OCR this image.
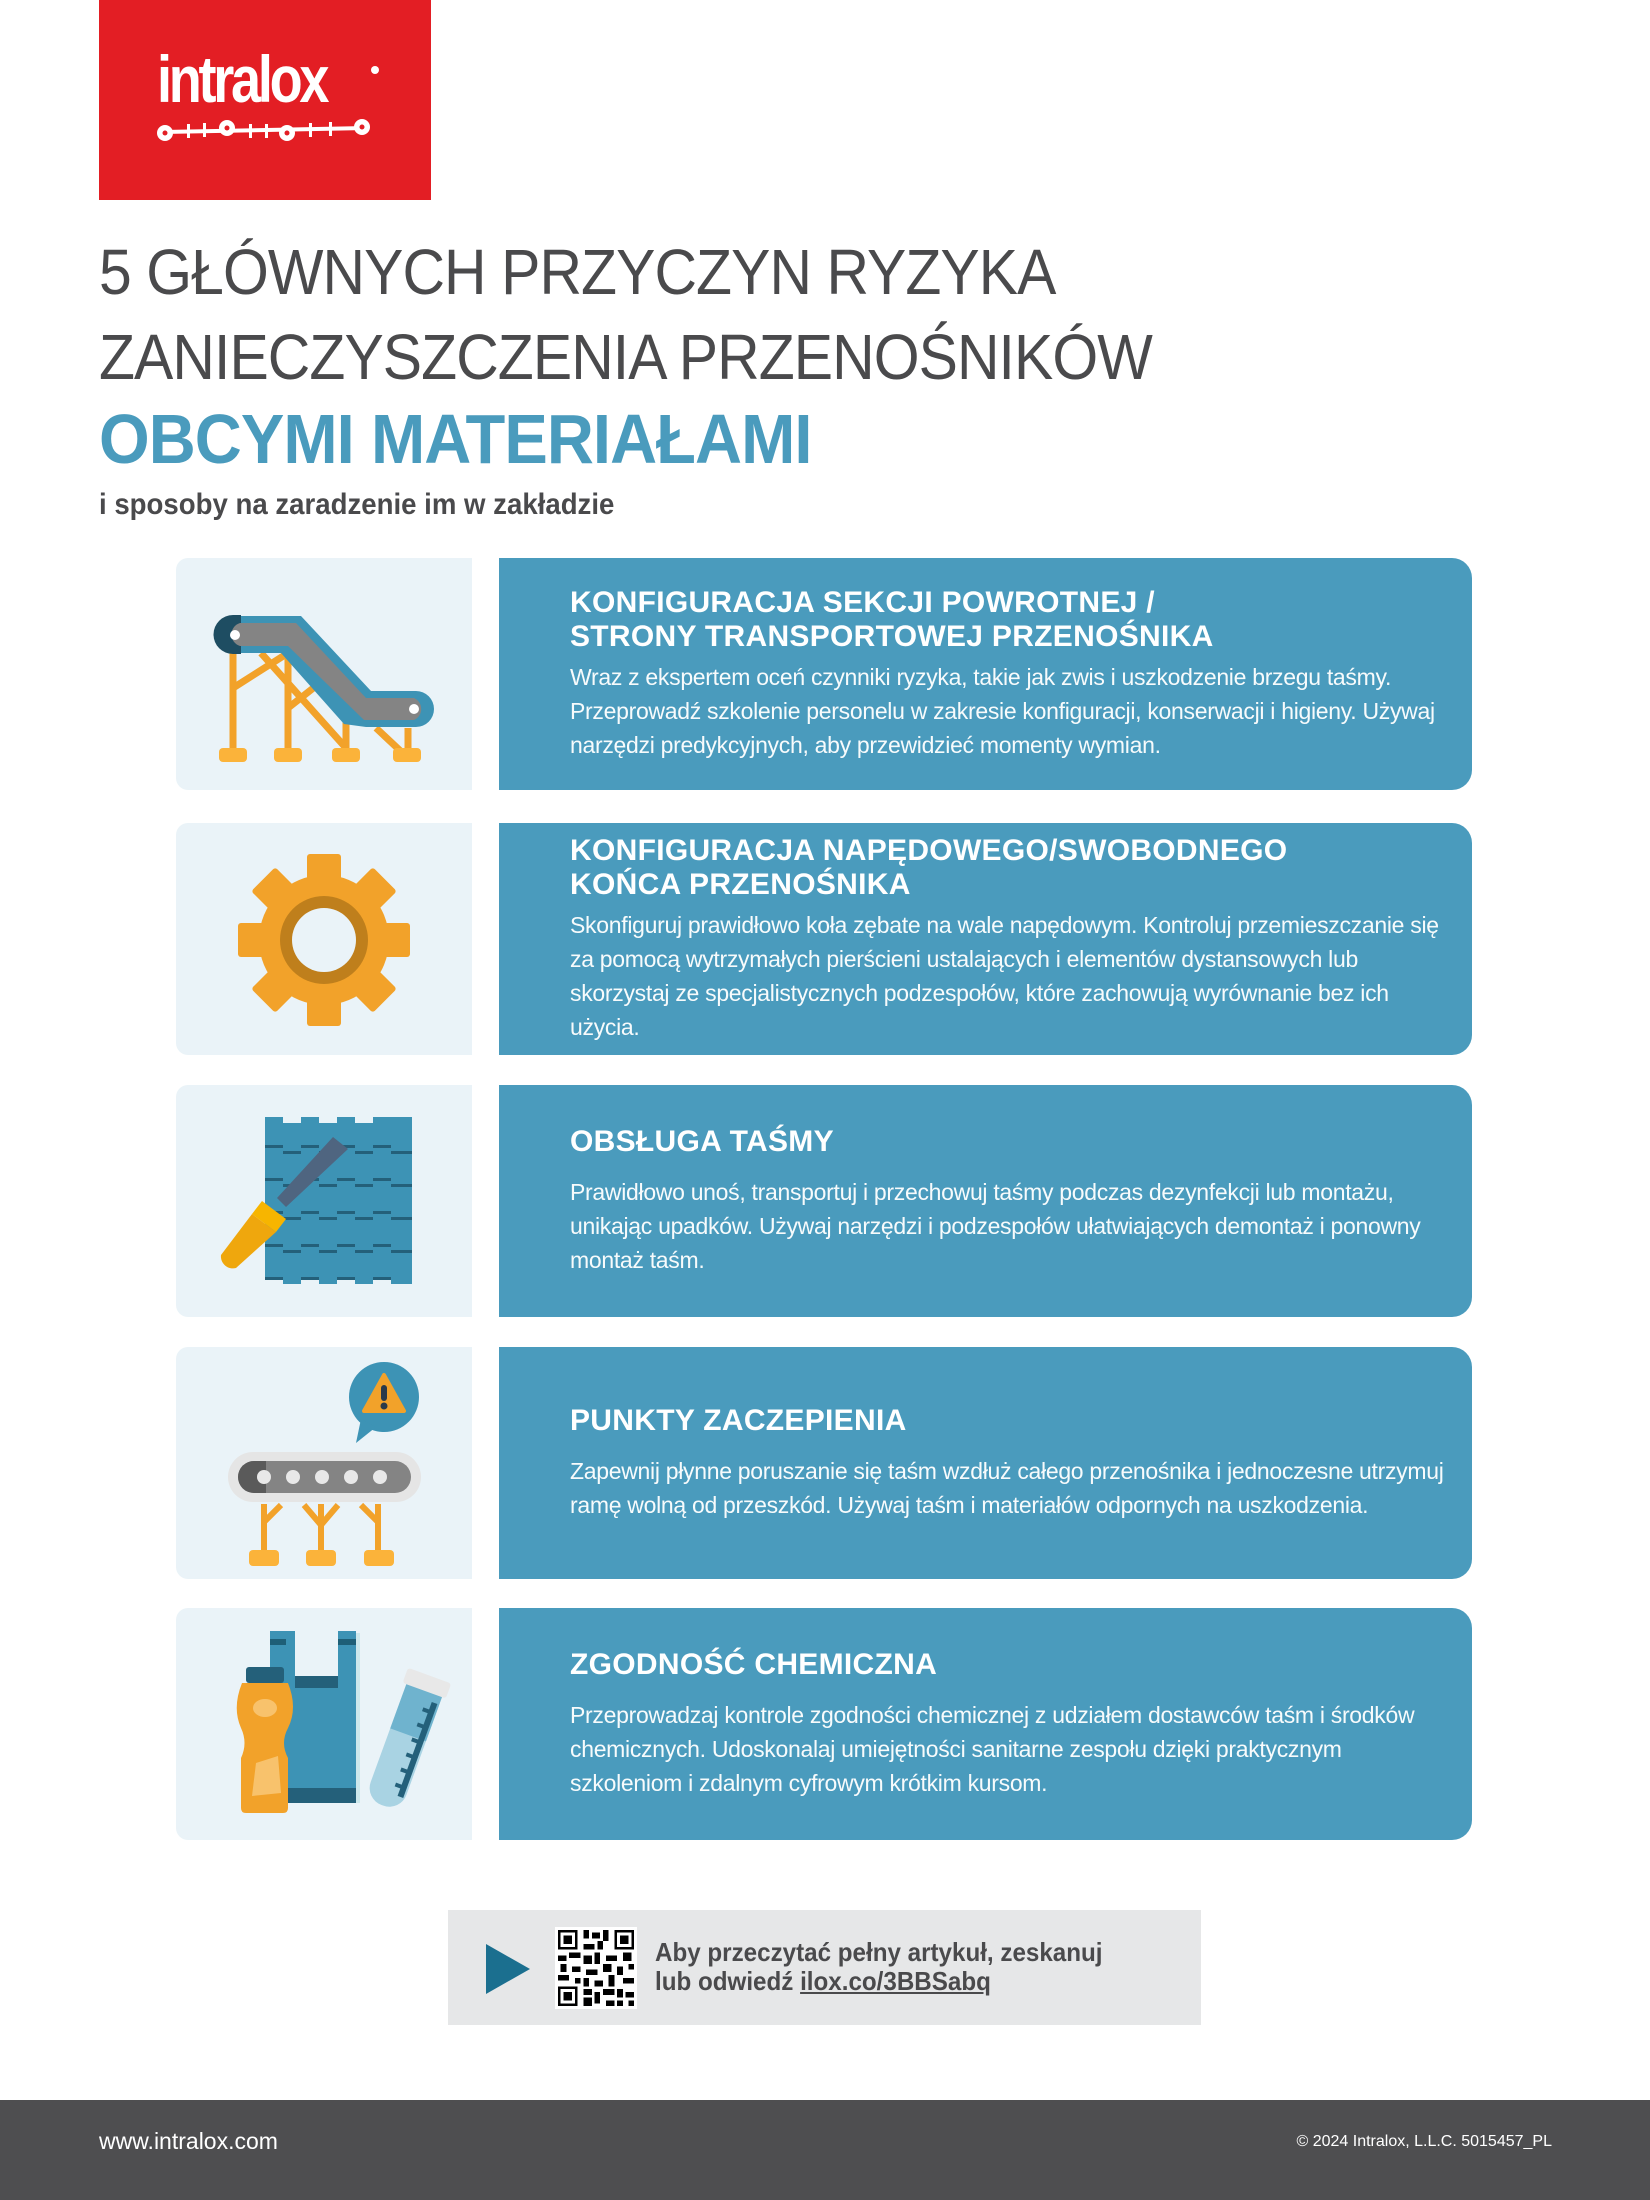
intralox
5 GŁÓWNYCH PRZYCZYN RYZYKA
ZANIECZYSZCZENIA PRZENOŚNIKÓW
OBCYMI MATERIAŁAMI
i sposoby na zaradzenie im w zakładzie
KONFIGURACJA SEKCJI POWROTNEJ /
STRONY TRANSPORTOWEJ PRZENOŚNIKA
Wraz z ekspertem oceń czynniki ryzyka, takie jak zwis i uszkodzenie brzegu taśmy. Przeprowadź szkolenie personelu w zakresie konfiguracji, konserwacji i higieny. Używaj narzędzi predykcyjnych, aby przewidzieć momenty wymian.
KONFIGURACJA NAPĘDOWEGO/SWOBODNEGO
KOŃCA PRZENOŚNIKA
Skonfiguruj prawidłowo koła zębate na wale napędowym. Kontroluj przemieszczanie się za pomocą wytrzymałych pierścieni ustalających i elementów dystansowych lub skorzystaj ze specjalistycznych podzespołów, które zachowują wyrównanie bez ich użycia.
OBSŁUGA TAŚMY
Prawidłowo unoś, transportuj i przechowuj taśmy podczas dezynfekcji lub montażu, unikając upadków. Używaj narzędzi i podzespołów ułatwiających demontaż i ponowny montaż taśm.
PUNKTY ZACZEPIENIA
Zapewnij płynne poruszanie się taśm wzdłuż całego przenośnika i jednoczesne utrzymuj ramę wolną od przeszkód. Używaj taśm i materiałów odpornych na uszkodzenia.
ZGODNOŚĆ CHEMICZNA
Przeprowadzaj kontrole zgodności chemicznej z udziałem dostawców taśm i środków chemicznych. Udoskonalaj umiejętności sanitarne zespołu dzięki praktycznym szkoleniom i zdalnym cyfrowym krótkim kursom.
Aby przeczytać pełny artykuł, zeskanuj
lub odwiedź ilox.co/3BBSabq
www.intralox.com	© 2024 Intralox, L.L.C. 5015457_PL
